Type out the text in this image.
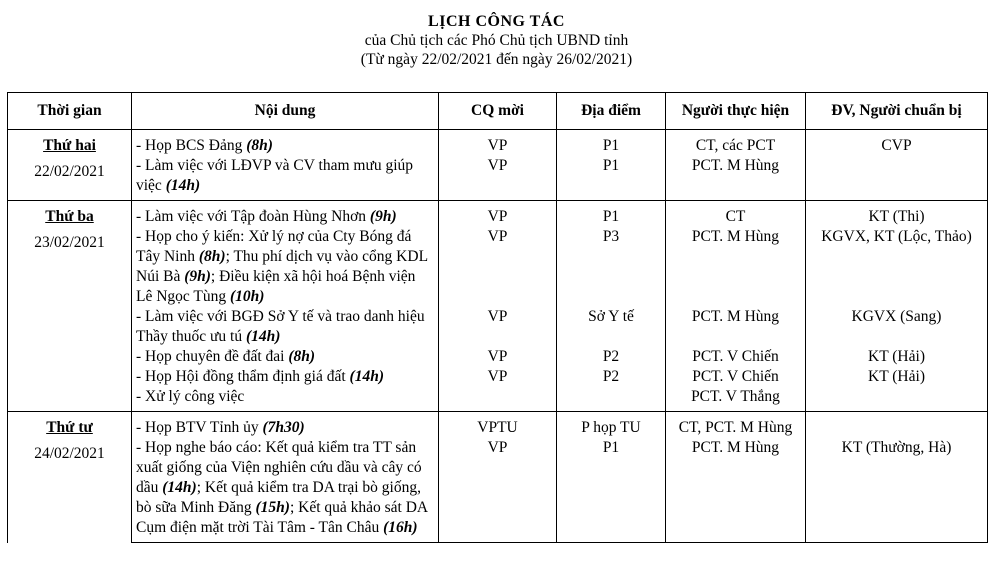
LỊCH CÔNG TÁC
của Chủ tịch các Phó Chủ tịch UBND tỉnh
(Từ ngày 22/02/2021 đến ngày 26/02/2021)
Thời gian	Nội dung	CQ mời	Địa điểm	Người thực hiện	ĐV, Người chuẩn bị

Thứ hai
22/02/2021	- Họp BCS Đảng (8h)	VP	P1	CT, các PCT	CVP
	- Làm việc với LĐVP và CV tham mưu giúp việc (14h)	VP	P1	PCT. M Hùng	

Thứ ba
23/02/2021	- Làm việc với Tập đoàn Hùng Nhơn (9h)	VP	P1	CT	KT (Thi)
	- Họp cho ý kiến: Xử lý nợ của Cty Bóng đá Tây Ninh (8h); Thu phí dịch vụ vào cổng KDL Núi Bà (9h); Điều kiện xã hội hoá Bệnh viện Lê Ngọc Tùng (10h)	VP	P3	PCT. M Hùng	KGVX, KT (Lộc, Thảo)
	- Làm việc với BGĐ Sở Y tế và trao danh hiệu Thầy thuốc ưu tú (14h)	VP	Sở Y tế	PCT. M Hùng	KGVX (Sang)
	- Họp chuyên đề đất đai (8h)	VP	P2	PCT. V Chiến	KT (Hải)
	- Họp Hội đồng thẩm định giá đất (14h)	VP	P2	PCT. V Chiến	KT (Hải)
	- Xử lý công việc			PCT. V Thắng	

Thứ tư
24/02/2021	- Họp BTV Tỉnh ủy (7h30)	VPTU	P họp TU	CT, PCT. M Hùng	
	- Họp nghe báo cáo: Kết quả kiểm tra TT sản xuất giống của Viện nghiên cứu dầu và cây có dầu (14h); Kết quả kiểm tra DA trại bò giống, bò sữa Minh Đăng (15h); Kết quả khảo sát DA Cụm điện mặt trời Tài Tâm - Tân Châu (16h)	VP	P1	PCT. M Hùng	KT (Thường, Hà)
